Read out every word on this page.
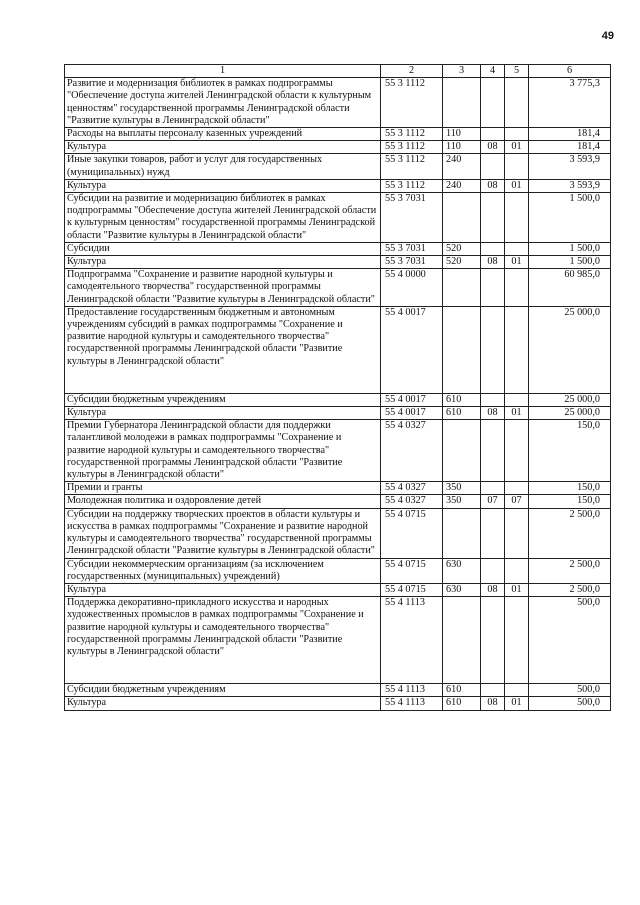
49
1	2	3	4	5	6
Развитие и модернизация библиотек в рамках подпрограммы "Обеспечение доступа жителей Ленинградской области к культурным ценностям" государственной программы Ленинградской области "Развитие культуры в Ленинградской области"	55 3 1112				3 775,3
Расходы на выплаты персоналу казенных учреждений	55 3 1112	110			181,4
Культура	55 3 1112	110	08	01	181,4
Иные закупки товаров, работ и услуг для государственных (муниципальных) нужд	55 3 1112	240			3 593,9
Культура	55 3 1112	240	08	01	3 593,9
Субсидии на развитие и модернизацию библиотек в рамках подпрограммы "Обеспечение доступа жителей Ленинградской области к культурным ценностям" государственной программы Ленинградской области "Развитие культуры в Ленинградской области"	55 3 7031				1 500,0
Субсидии	55 3 7031	520			1 500,0
Культура	55 3 7031	520	08	01	1 500,0
Подпрограмма "Сохранение и развитие народной культуры и самодеятельного творчества" государственной программы Ленинградской области "Развитие культуры в Ленинградской области"	55 4 0000				60 985,0
Предоставление государственным бюджетным и автономным учреждениям субсидий в рамках подпрограммы "Сохранение и развитие народной культуры и самодеятельного творчества" государственной программы Ленинградской области "Развитие культуры в Ленинградской области"	55 4 0017				25 000,0
Субсидии бюджетным учреждениям	55 4 0017	610			25 000,0
Культура	55 4 0017	610	08	01	25 000,0
Премии Губернатора Ленинградской области для поддержки талантливой молодежи в рамках подпрограммы "Сохранение и развитие народной культуры и самодеятельного творчества" государственной программы Ленинградской области "Развитие культуры в Ленинградской области"	55 4 0327				150,0
Премии и гранты	55 4 0327	350			150,0
Молодежная политика и оздоровление детей	55 4 0327	350	07	07	150,0
Субсидии на поддержку творческих проектов в области культуры и искусства в рамках подпрограммы "Сохранение и развитие народной культуры и самодеятельного творчества" государственной программы Ленинградской области "Развитие культуры в Ленинградской области"	55 4 0715				2 500,0
Субсидии некоммерческим организациям (за исключением государственных (муниципальных) учреждений)	55 4 0715	630			2 500,0
Культура	55 4 0715	630	08	01	2 500,0
Поддержка декоративно-прикладного искусства и народных художественных промыслов в рамках подпрограммы "Сохранение и развитие народной культуры и самодеятельного творчества" государственной программы Ленинградской области "Развитие культуры в Ленинградской области"	55 4 1113				500,0
Субсидии бюджетным учреждениям	55 4 1113	610			500,0
Культура	55 4 1113	610	08	01	500,0
